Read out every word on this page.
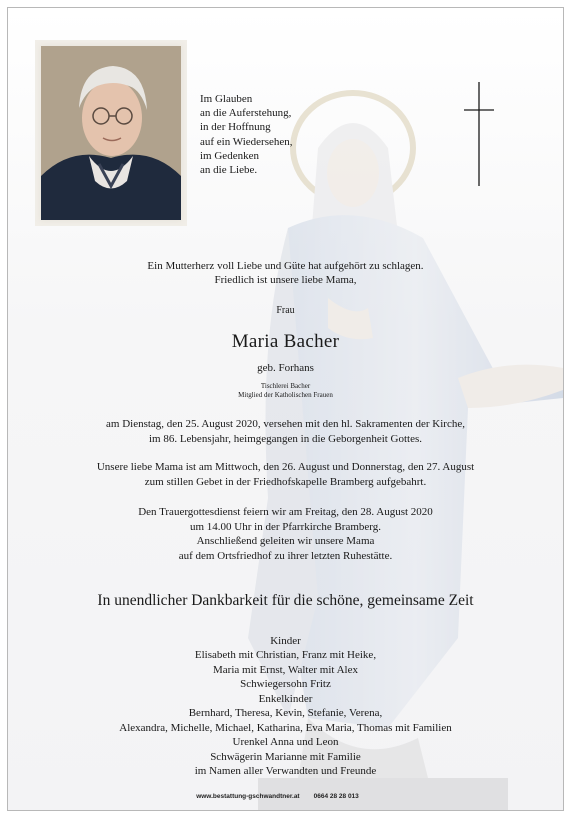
Im Glauben
an die Auferstehung,
in der Hoffnung
auf ein Wiedersehen,
im Gedenken
an die Liebe.
Ein Mutterherz voll Liebe und Güte hat aufgehört zu schlagen.
Friedlich ist unsere liebe Mama,
Frau
Maria Bacher
geb. Forhans
Tischlerei Bacher
Mitglied der Katholischen Frauen
am Dienstag, den 25. August 2020, versehen mit den hl. Sakramenten der Kirche,
im 86. Lebensjahr, heimgegangen in die Geborgenheit Gottes.
Unsere liebe Mama ist am Mittwoch, den 26. August und Donnerstag, den 27. August
zum stillen Gebet in der Friedhofskapelle Bramberg aufgebahrt.
Den Trauergottesdienst feiern wir am Freitag, den 28. August 2020
um 14.00 Uhr in der Pfarrkirche Bramberg.
Anschließend geleiten wir unsere Mama
auf dem Ortsfriedhof zu ihrer letzten Ruhestätte.
In unendlicher Dankbarkeit für die schöne, gemeinsame Zeit
Kinder
Elisabeth mit Christian, Franz mit Heike,
Maria mit Ernst, Walter mit Alex
Schwiegersohn Fritz
Enkelkinder
Bernhard, Theresa, Kevin, Stefanie, Verena,
Alexandra, Michelle, Michael, Katharina, Eva Maria, Thomas mit Familien
Urenkel Anna und Leon
Schwägerin Marianne mit Familie
im Namen aller Verwandten und Freunde
www.bestattung-gschwandtner.at 0664 28 28 013
